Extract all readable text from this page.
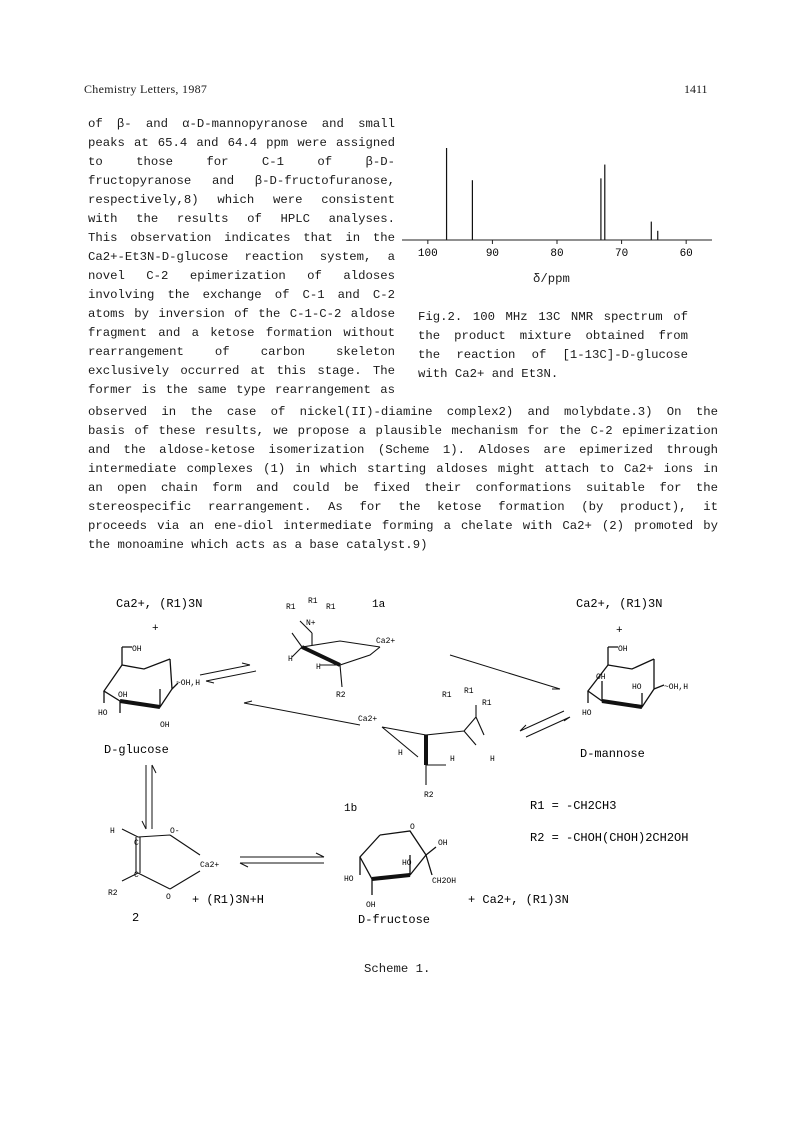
Chemistry Letters, 1987	1411
of β- and α-D-mannopyranose and small
peaks at 65.4 and 64.4 ppm were assigned
to those for C-1 of β-D-
fructopyranose and β-D-fructofuranose,
respectively,8) which were consistent
with the results of HPLC analyses.
This observation indicates that in the
Ca2+-Et3N-D-glucose reaction system, a
novel C-2 epimerization of aldoses
involving the exchange of C-1 and C-2
atoms by inversion of the C-1-C-2 aldose
fragment and a ketose formation without
rearrangement of carbon skeleton
exclusively occurred at this stage. The
former is the same type rearrangement as
observed in the case of nickel(II)-diamine complex2) and molybdate.3) On the
basis of these results, we propose a plausible mechanism for the C-2 epimerization
and the aldose-ketose isomerization (Scheme 1). Aldoses are epimerized through
intermediate complexes (1) in which starting aldoses might attach to Ca2+ ions in
an open chain form and could be fixed their conformations suitable for the
stereospecific rearrangement. As for the ketose formation (by product), it
proceeds via an ene-diol intermediate forming a chelate with Ca2+ (2) promoted by
the monoamine which acts as a base catalyst.9)
100	90	80	70	60
δ/ppm
Fig.2. 100 MHz 13C NMR spectrum of
the product mixture obtained from
the reaction of [1-13C]-D-glucose
with Ca2+ and Et3N.
Ca2+, (R1)3N
+
Ca2+, (R1)3N
+
OH
OH
HO
OH
~OH,H
D-glucose
OH
OH
HO
HO
~OH,H
D-mannose
R1
R1
R1
N+
Ca2+
H
H
R2
1a
R1 R1
R1
Ca2+
H
H	H
R2
1b
H
C
C
O-
Ca2+
O
R2
2
+ (R1)3N+H
O
OH
HO
HO	CH2OH
OH
D-fructose
+ Ca2+, (R1)3N
R1 = -CH2CH3
R2 = -CHOH(CHOH)2CH2OH
Scheme 1.
